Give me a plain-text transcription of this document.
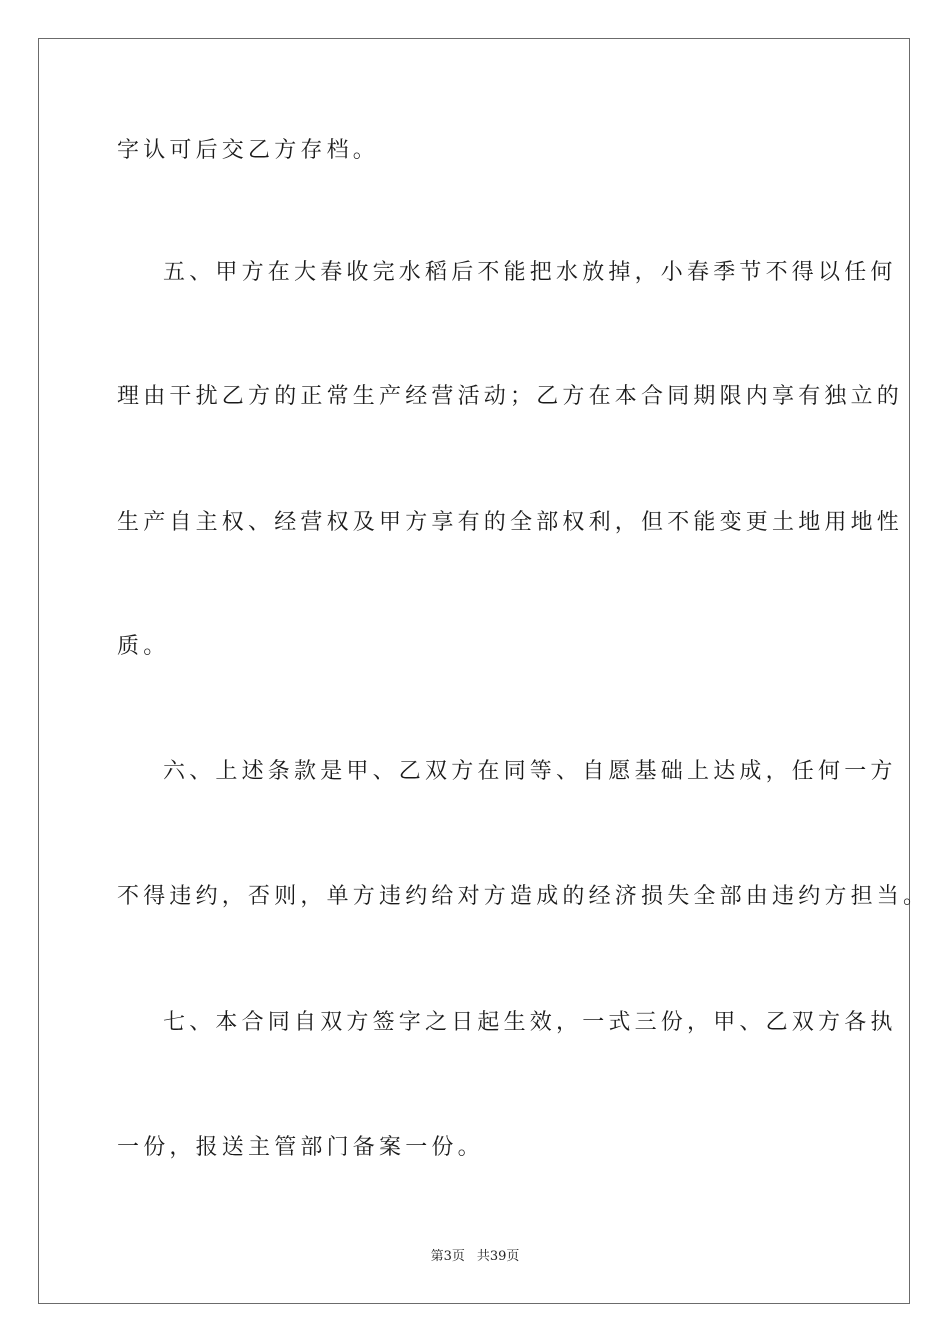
字认可后交乙方存档。
五、甲方在大春收完水稻后不能把水放掉，小春季节不得以任何
理由干扰乙方的正常生产经营活动；乙方在本合同期限内享有独立的
生产自主权、经营权及甲方享有的全部权利，但不能变更土地用地性
质。
六、上述条款是甲、乙双方在同等、自愿基础上达成，任何一方
不得违约，否则，单方违约给对方造成的经济损失全部由违约方担当。
七、本合同自双方签字之日起生效，一式三份，甲、乙双方各执
一份，报送主管部门备案一份。
第3页 共39页
